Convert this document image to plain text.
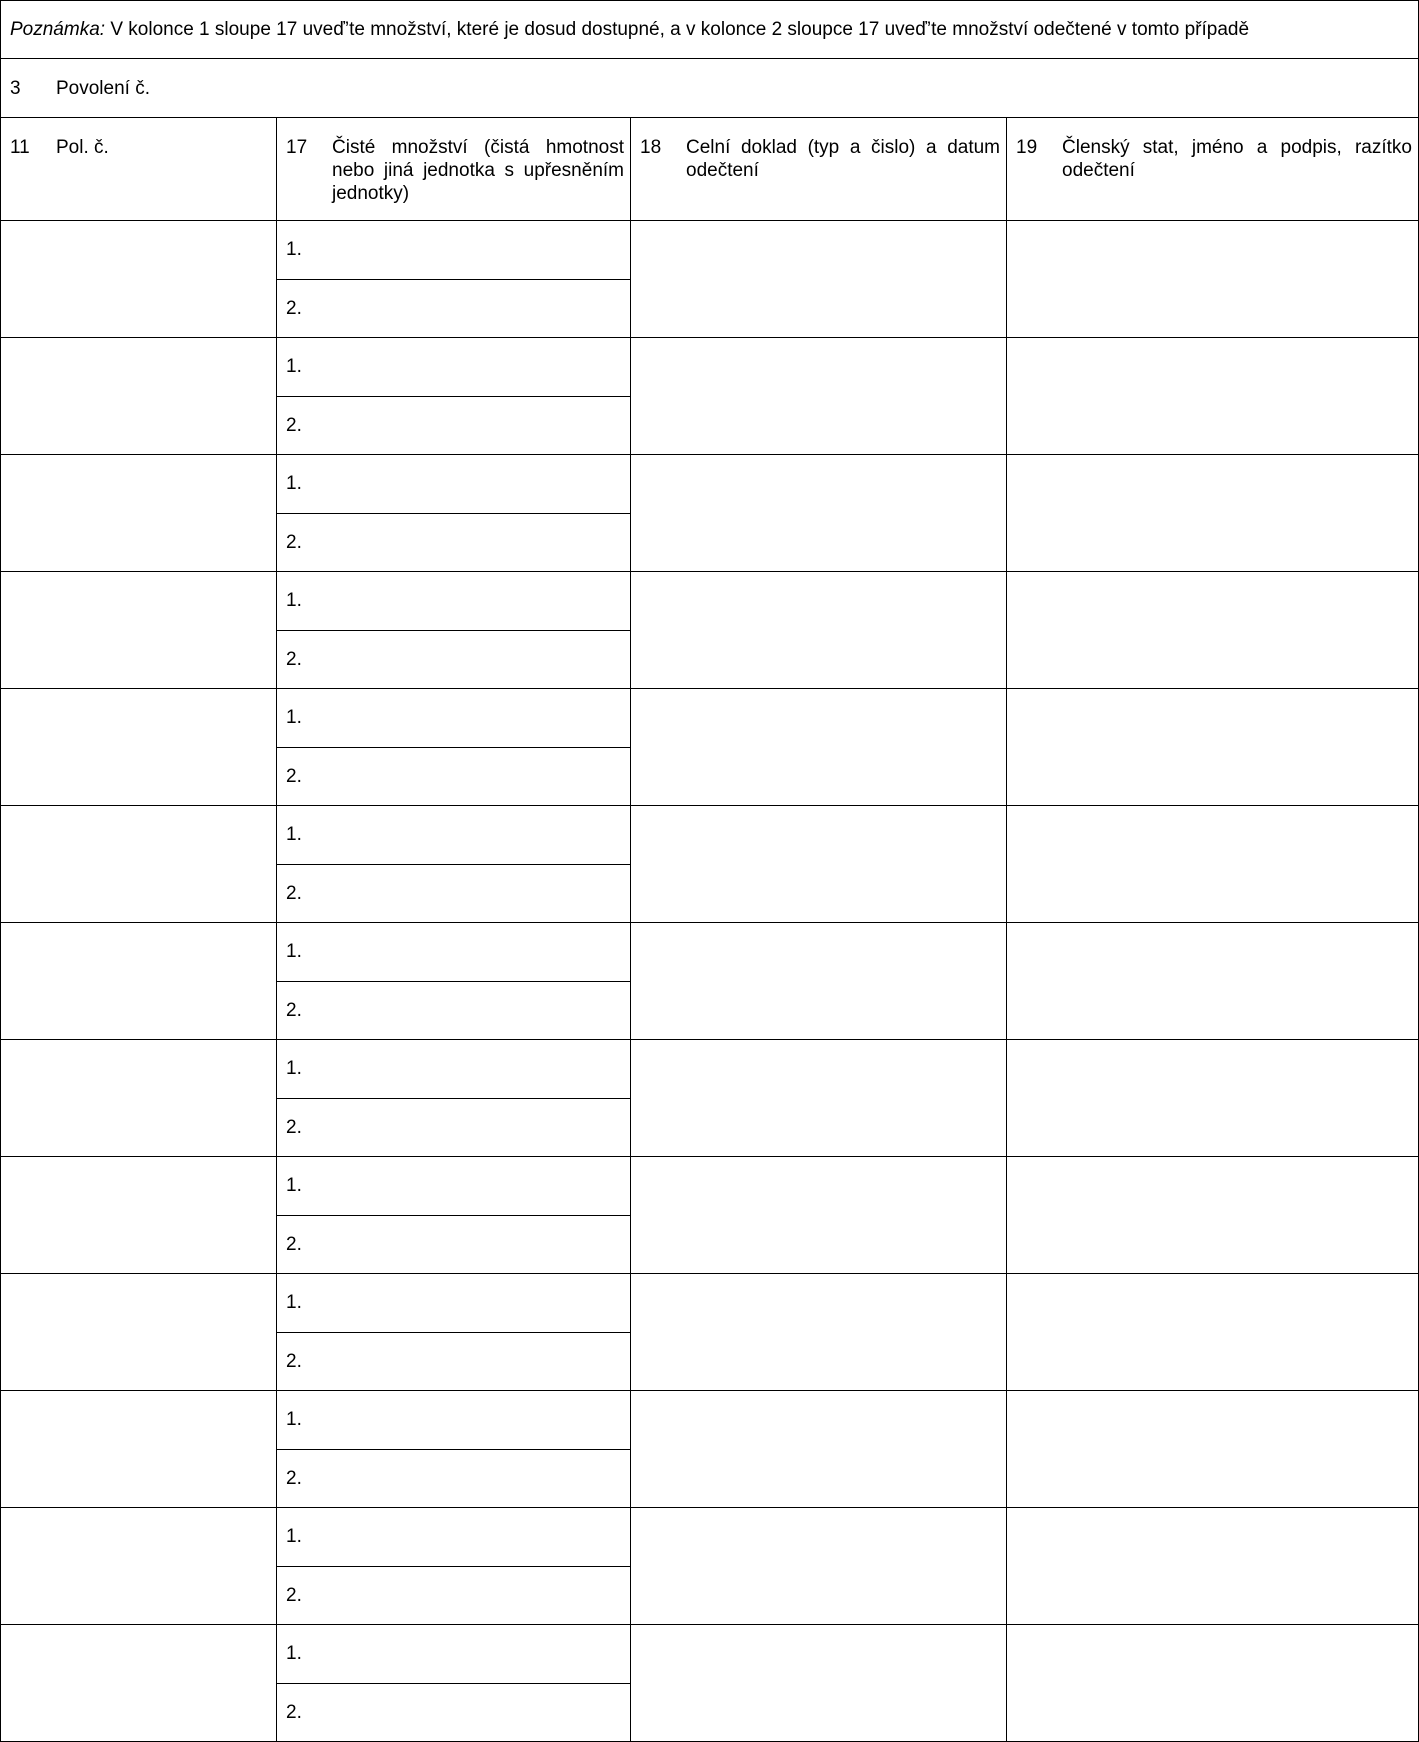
Poznámka: V kolonce 1 sloupe 17 uveď’te množství, které je dosud dostupné, a v kolonce 2 sloupce 17 uveď’te množství odečtené v tomto případě
3 Povolení č.
11 Pol. č.	17 Čisté množství (čistá hmotnost nebo jiná jednotka s upřesněním jednotky)
18 Celní doklad (typ a čislo) a datum odečtení
19 Členský stat, jméno a podpis, razítko odečtení
1.
2.
1.
2.
1.
2.
1.
2.
1.
2.
1.
2.
1.
2.
1.
2.
1.
2.
1.
2.
1.
2.
1.
2.
1.
2.
